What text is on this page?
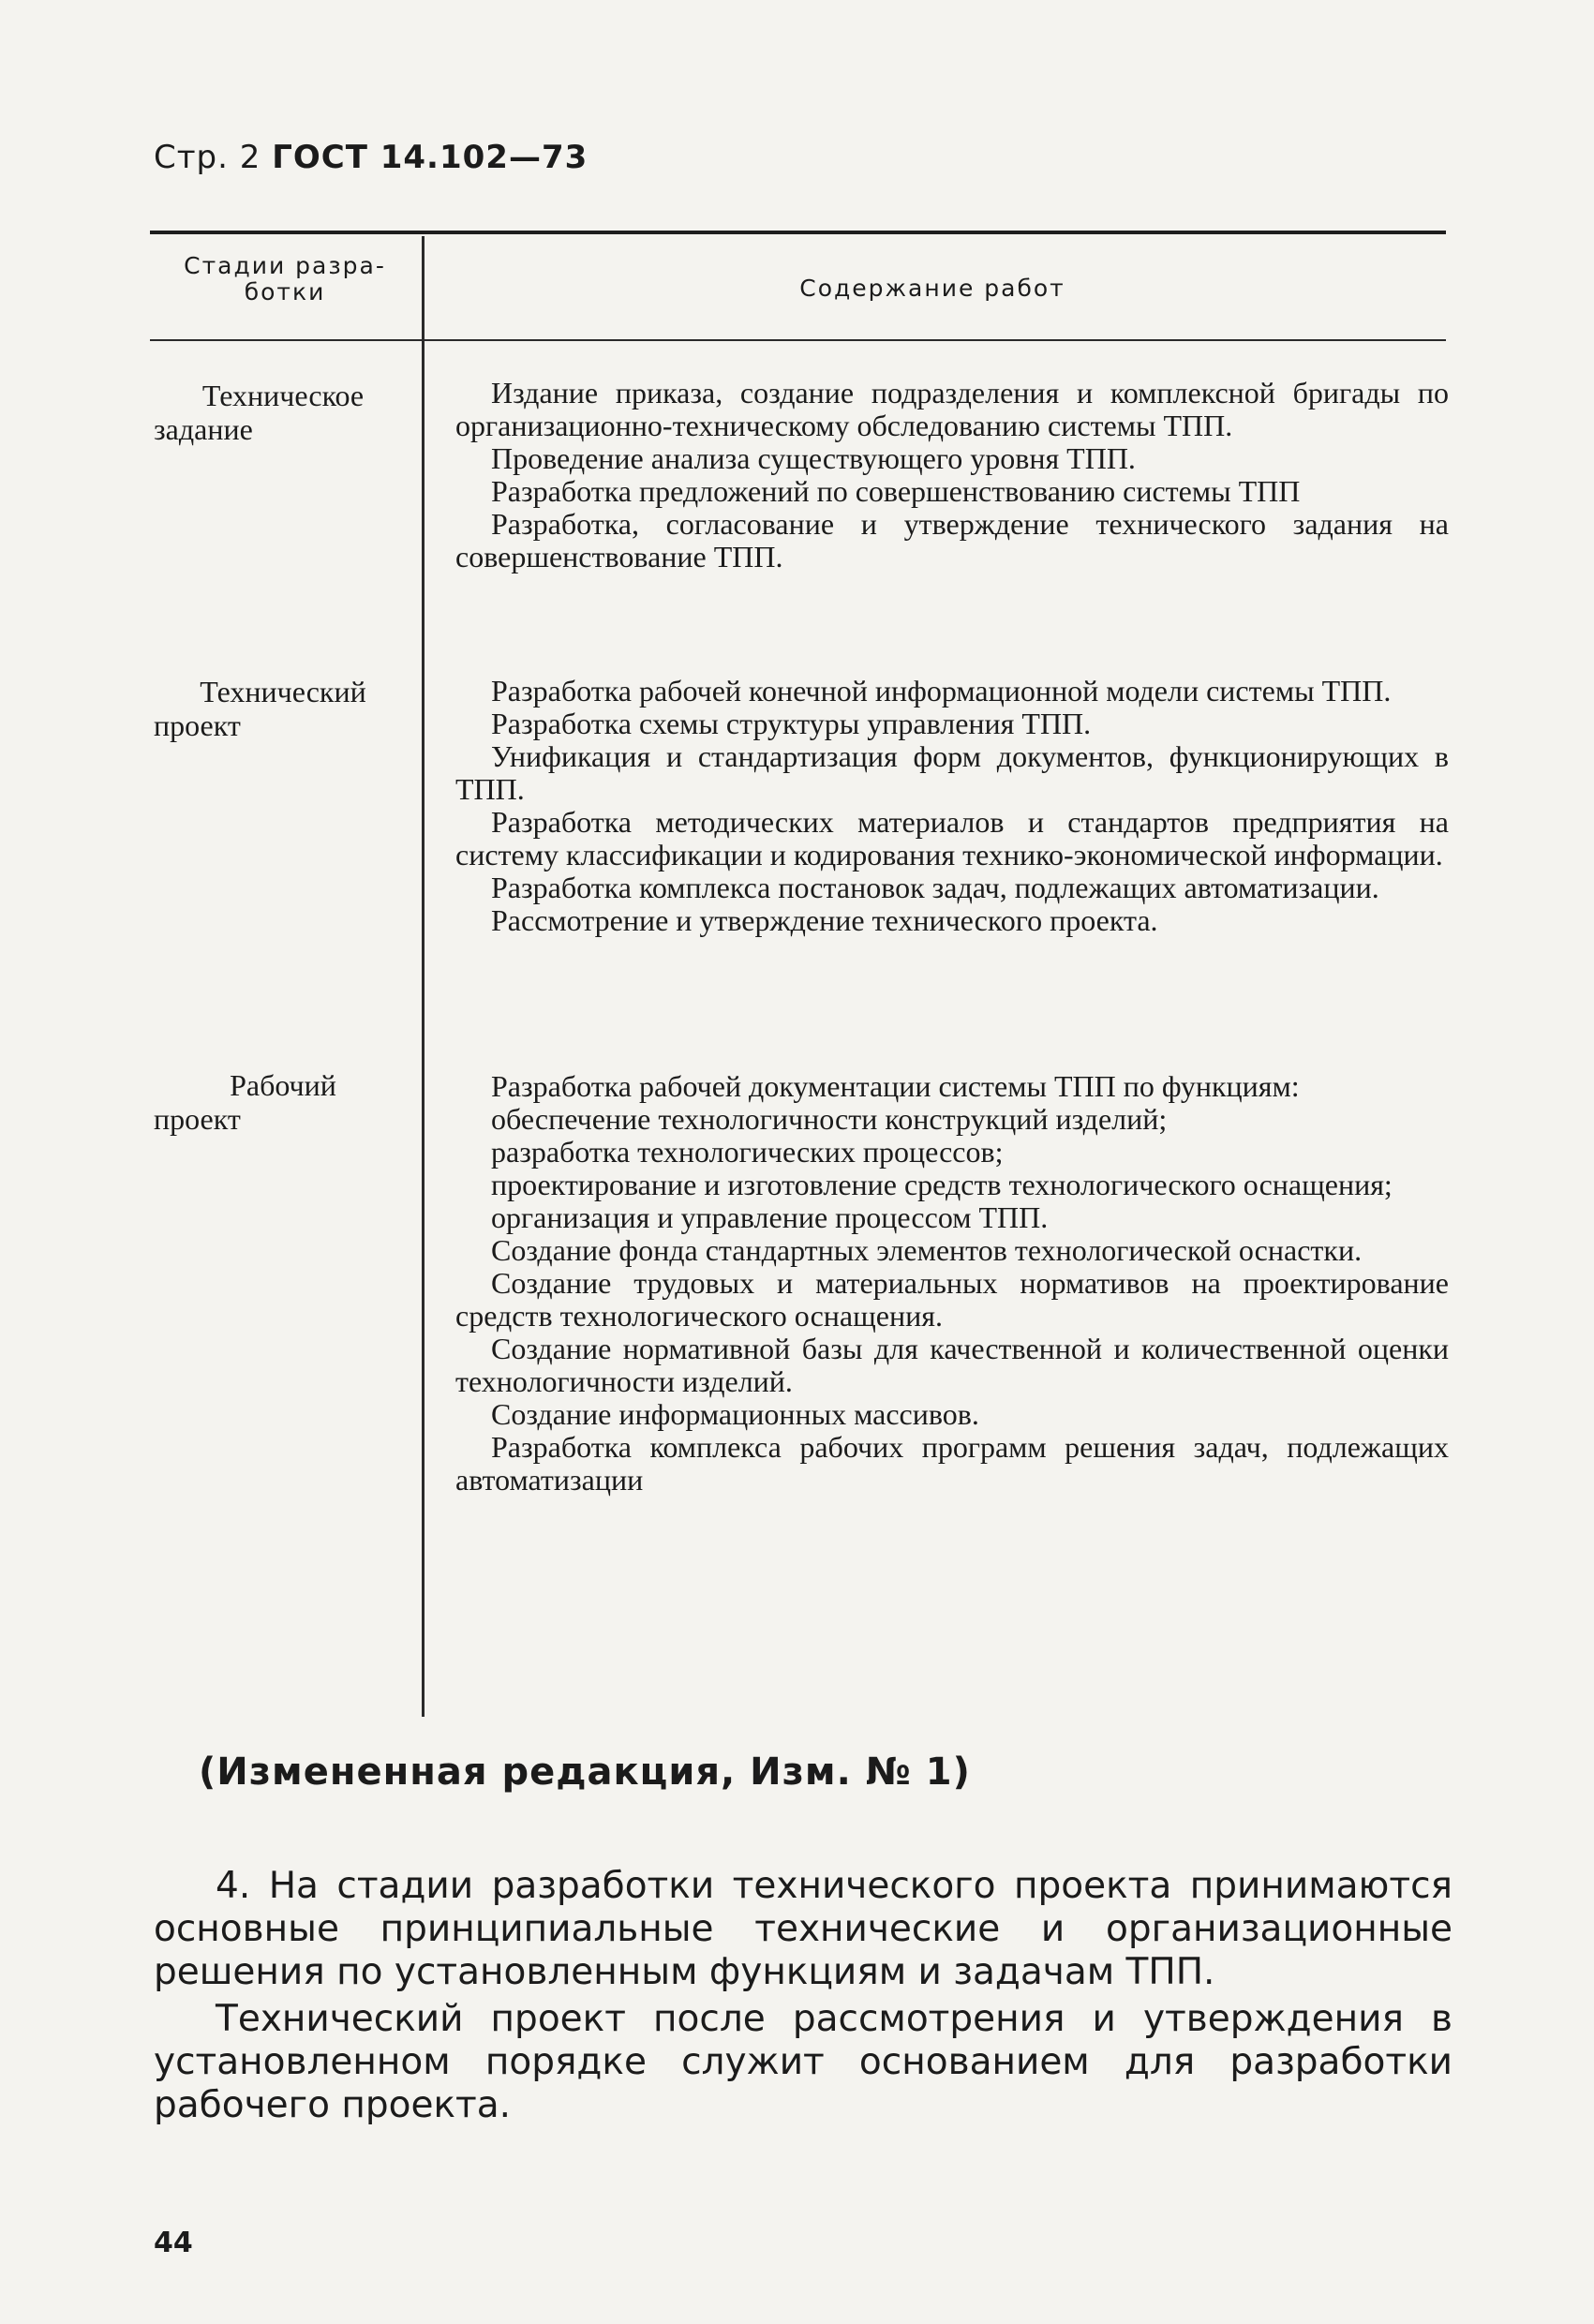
Стр. 2 ГОСТ 14.102—73
Стадии разра-
ботки	Содержание работ
Техническое
задание

Издание приказа, создание подразделения и комплексной бригады по организационно-техническому обследованию системы ТПП.

Проведение анализа существующего уровня ТПП.

Разработка предложений по совершенствованию системы ТПП

Разработка, согласование и утверждение технического задания на совершенствование ТПП.

Технический
проект

Разработка рабочей конечной информационной модели системы ТПП.

Разработка схемы структуры управления ТПП.

Унификация и стандартизация форм документов, функционирующих в ТПП.

Разработка методических материалов и стандартов предприятия на систему классификации и кодирования технико-экономической информации.

Разработка комплекса постановок задач, подлежащих автоматизации.

Рассмотрение и утверждение технического проекта.

Рабочий
проект

Разработка рабочей документации системы ТПП по функциям:

обеспечение технологичности конструкций изделий;

разработка технологических процессов;

проектирование и изготовление средств технологического оснащения;

организация и управление процессом ТПП.

Создание фонда стандартных элементов технологической оснастки.

Создание трудовых и материальных нормативов на проектирование средств технологического оснащения.

Создание нормативной базы для качественной и количественной оценки технологичности изделий.

Создание информационных массивов.

Разработка комплекса рабочих программ решения задач, подлежащих автоматизации

(Измененная редакция, Изм. № 1)

4. На стадии разработки технического проекта принимаются основные принципиальные технические и организационные решения по установленным функциям и задачам ТПП.

Технический проект после рассмотрения и утверждения в установленном порядке служит основанием для разработки рабочего проекта.

44
